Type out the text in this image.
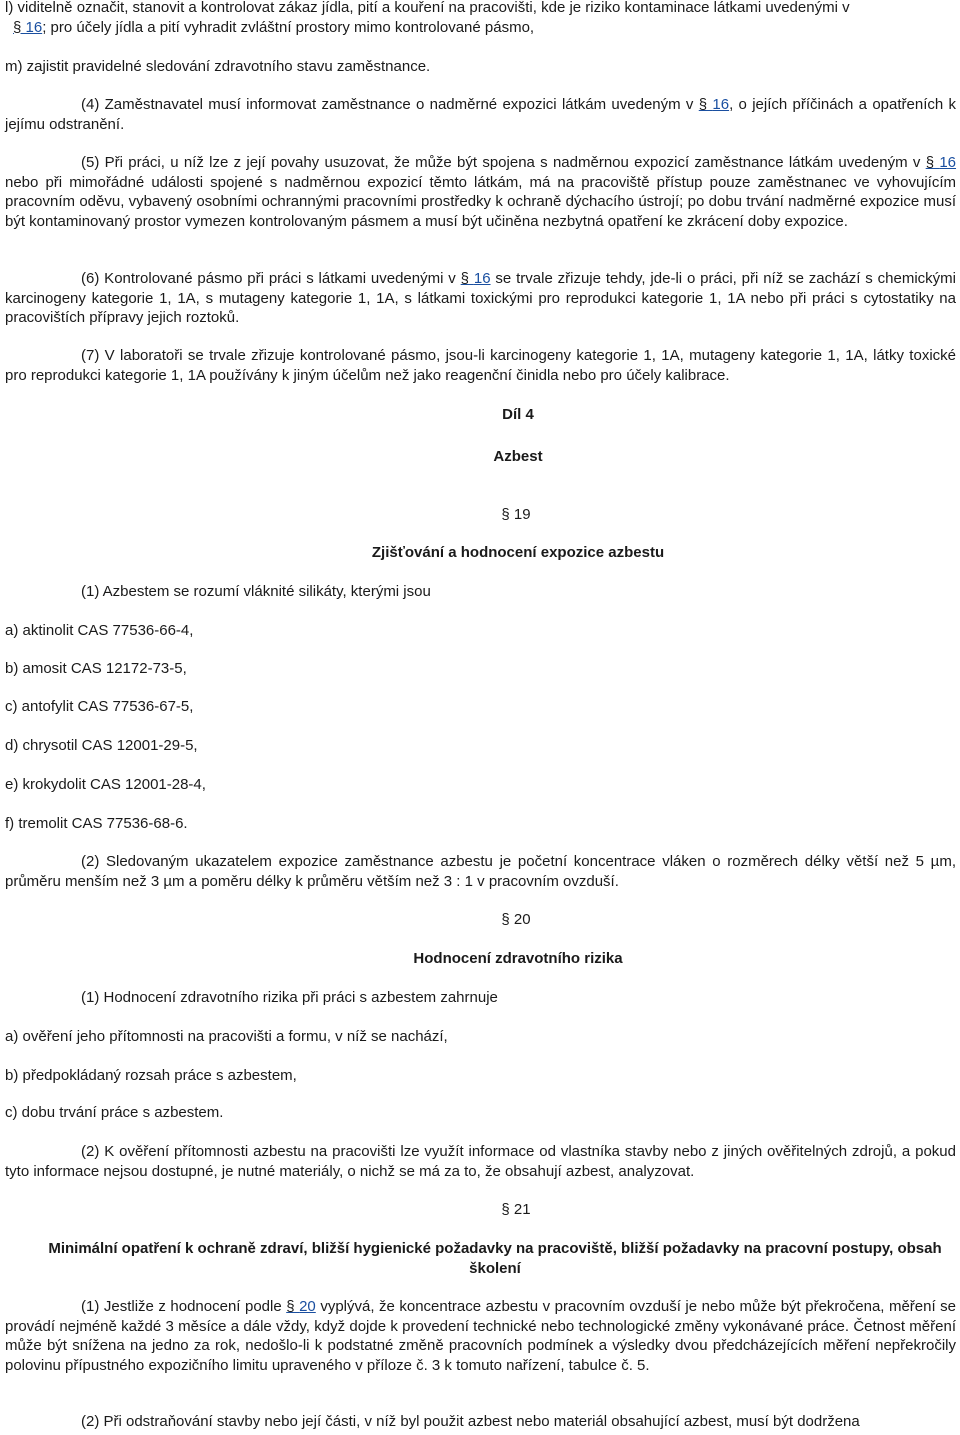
l) viditelně označit, stanovit a kontrolovat zákaz jídla, pití a kouření na pracovišti, kde je riziko kontaminace látkami uvedenými v
§ 16; pro účely jídla a pití vyhradit zvláštní prostory mimo kontrolované pásmo,

m) zajistit pravidelné sledování zdravotního stavu zaměstnance.

(4) Zaměstnavatel musí informovat zaměstnance o nadměrné expozici látkám uvedeným v § 16, o jejích příčinách a opatřeních k jejímu odstranění.

(5) Při práci, u níž lze z její povahy usuzovat, že může být spojena s nadměrnou expozicí zaměstnance látkám uvedeným v § 16 nebo při mimořádné události spojené s nadměrnou expozicí těmto látkám, má na pracoviště přístup pouze zaměstnanec ve vyhovujícím pracovním oděvu, vybavený osobními ochrannými pracovními prostředky k ochraně dýchacího ústrojí; po dobu trvání nadměrné expozice musí být kontaminovaný prostor vymezen kontrolovaným pásmem a musí být učiněna nezbytná opatření ke zkrácení doby expozice.

(6) Kontrolované pásmo při práci s látkami uvedenými v § 16 se trvale zřizuje tehdy, jde-li o práci, při níž se zachází s chemickými karcinogeny kategorie 1, 1A, s mutageny kategorie 1, 1A, s látkami toxickými pro reprodukci kategorie 1, 1A nebo při práci s cytostatiky na pracovištích přípravy jejich roztoků.

(7) V laboratoři se trvale zřizuje kontrolované pásmo, jsou-li karcinogeny kategorie 1, 1A, mutageny kategorie 1, 1A, látky toxické pro reprodukci kategorie 1, 1A používány k jiným účelům než jako reagenční činidla nebo pro účely kalibrace.

Díl 4

Azbest

§ 19

Zjišťování a hodnocení expozice azbestu

(1) Azbestem se rozumí vláknité silikáty, kterými jsou

a) aktinolit CAS 77536-66-4,

b) amosit CAS 12172-73-5,

c) antofylit CAS 77536-67-5,

d) chrysotil CAS 12001-29-5,

e) krokydolit CAS 12001-28-4,

f) tremolit CAS 77536-68-6.

(2) Sledovaným ukazatelem expozice zaměstnance azbestu je početní koncentrace vláken o rozměrech délky větší než 5 µm, průměru menším než 3 µm a poměru délky k průměru větším než 3 : 1 v pracovním ovzduší.

§ 20

Hodnocení zdravotního rizika

(1) Hodnocení zdravotního rizika při práci s azbestem zahrnuje

a) ověření jeho přítomnosti na pracovišti a formu, v níž se nachází,

b) předpokládaný rozsah práce s azbestem,

c) dobu trvání práce s azbestem.

(2) K ověření přítomnosti azbestu na pracovišti lze využít informace od vlastníka stavby nebo z jiných ověřitelných zdrojů, a pokud tyto informace nejsou dostupné, je nutné materiály, o nichž se má za to, že obsahují azbest, analyzovat.

§ 21

Minimální opatření k ochraně zdraví, bližší hygienické požadavky na pracoviště, bližší požadavky na pracovní postupy, obsah školení

(1) Jestliže z hodnocení podle § 20 vyplývá, že koncentrace azbestu v pracovním ovzduší je nebo může být překročena, měření se provádí nejméně každé 3 měsíce a dále vždy, když dojde k provedení technické nebo technologické změny vykonávané práce. Četnost měření může být snížena na jedno za rok, nedošlo-li k podstatné změně pracovních podmínek a výsledky dvou předcházejících měření nepřekročily polovinu přípustného expozičního limitu upraveného v příloze č. 3 k tomuto nařízení, tabulce č. 5.

(2) Při odstraňování stavby nebo její části, v níž byl použit azbest nebo materiál obsahující azbest, musí být dodržena
